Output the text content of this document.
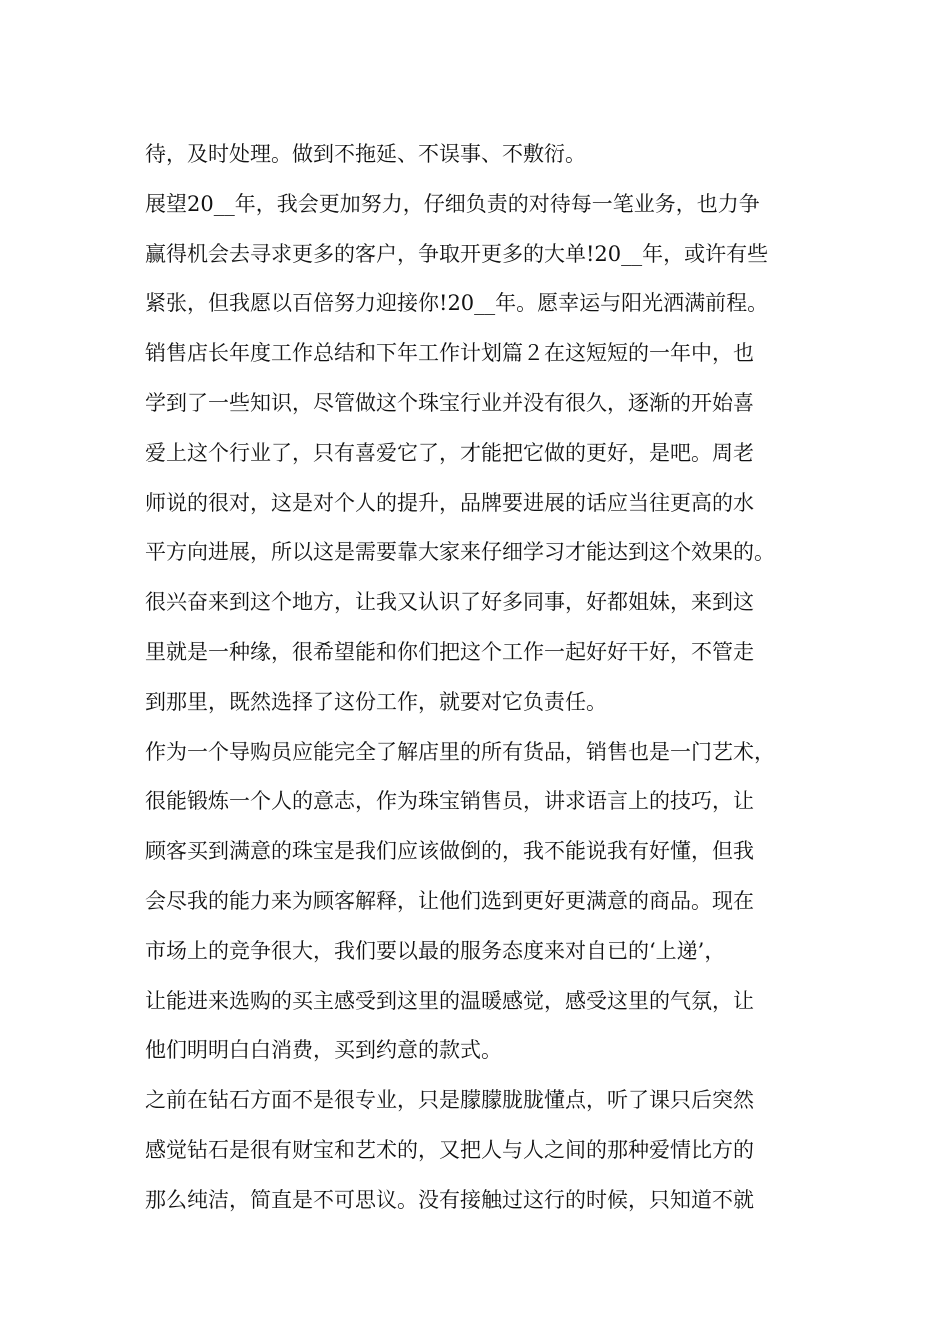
待，及时处理。做到不拖延、不误事、不敷衍。
展望20__年，我会更加努力，仔细负责的对待每一笔业务，也力争
赢得机会去寻求更多的客户，争取开更多的大单!20__年，或许有些
紧张，但我愿以百倍努力迎接你!20__年。愿幸运与阳光洒满前程。
销售店长年度工作总结和下年工作计划篇２在这短短的一年中，也
学到了一些知识，尽管做这个珠宝行业并没有很久，逐渐的开始喜
爱上这个行业了，只有喜爱它了，才能把它做的更好，是吧。周老
师说的很对，这是对个人的提升，品牌要进展的话应当往更高的水
平方向进展，所以这是需要靠大家来仔细学习才能达到这个效果的。
很兴奋来到这个地方，让我又认识了好多同事，好都姐妹，来到这
里就是一种缘，很希望能和你们把这个工作一起好好干好，不管走
到那里，既然选择了这份工作，就要对它负责任。
作为一个导购员应能完全了解店里的所有货品，销售也是一门艺术，
很能锻炼一个人的意志，作为珠宝销售员，讲求语言上的技巧，让
顾客买到满意的珠宝是我们应该做倒的，我不能说我有好懂，但我
会尽我的能力来为顾客解释，让他们选到更好更满意的商品。现在
市场上的竞争很大，我们要以最的服务态度来对自已的‘上递’，
让能进来选购的买主感受到这里的温暖感觉，感受这里的气氛，让
他们明明白白消费，买到约意的款式。
之前在钻石方面不是很专业，只是朦朦胧胧懂点，听了课只后突然
感觉钻石是很有财宝和艺术的，又把人与人之间的那种爱情比方的
那么纯洁，简直是不可思议。没有接触过这行的时候，只知道不就
